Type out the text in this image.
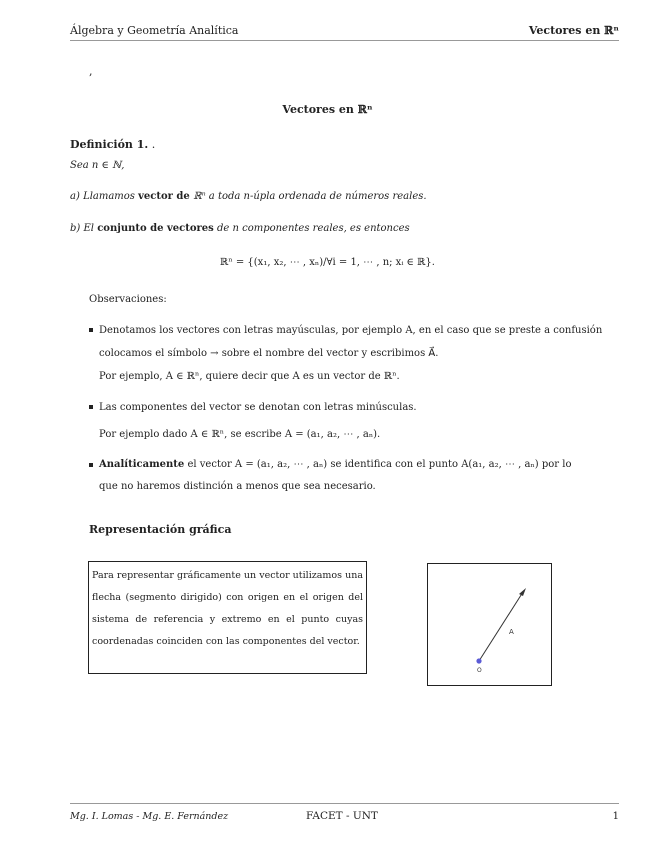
Álgebra y Geometría Analítica	Vectores en ℝⁿ
,
Vectores en ℝⁿ
Definición 1. .
Sea n ∈ ℕ,
a) Llamamos vector de ℝⁿ a toda n-úpla ordenada de números reales.
b) El conjunto de vectores de n componentes reales, es entonces
ℝⁿ = {(x₁, x₂, ⋯ , xₙ)/∀i = 1, ⋯ , n; xᵢ ∈ ℝ}.
Observaciones:
Denotamos los vectores con letras mayúsculas, por ejemplo A, en el caso que se preste a confusión
colocamos el símbolo → sobre el nombre del vector y escribimos A⃗.
Por ejemplo, A ∈ ℝⁿ, quiere decir que A es un vector de ℝⁿ.
Las componentes del vector se denotan con letras minúsculas.
Por ejemplo dado A ∈ ℝⁿ, se escribe A = (a₁, a₂, ⋯ , aₙ).
Analíticamente el vector A = (a₁, a₂, ⋯ , aₙ) se identifica con el punto A(a₁, a₂, ⋯ , aₙ) por lo
que no haremos distinción a menos que sea necesario.
Representación gráfica
Para representar gráficamente un vector utilizamos una flecha (segmento dirigido) con origen en el origen del sistema de referencia y extremo en el punto cuyas coordenadas coinciden con las componentes del vector.
O
A
Mg. I. Lomas - Mg. E. Fernández	FACET - UNT	1
